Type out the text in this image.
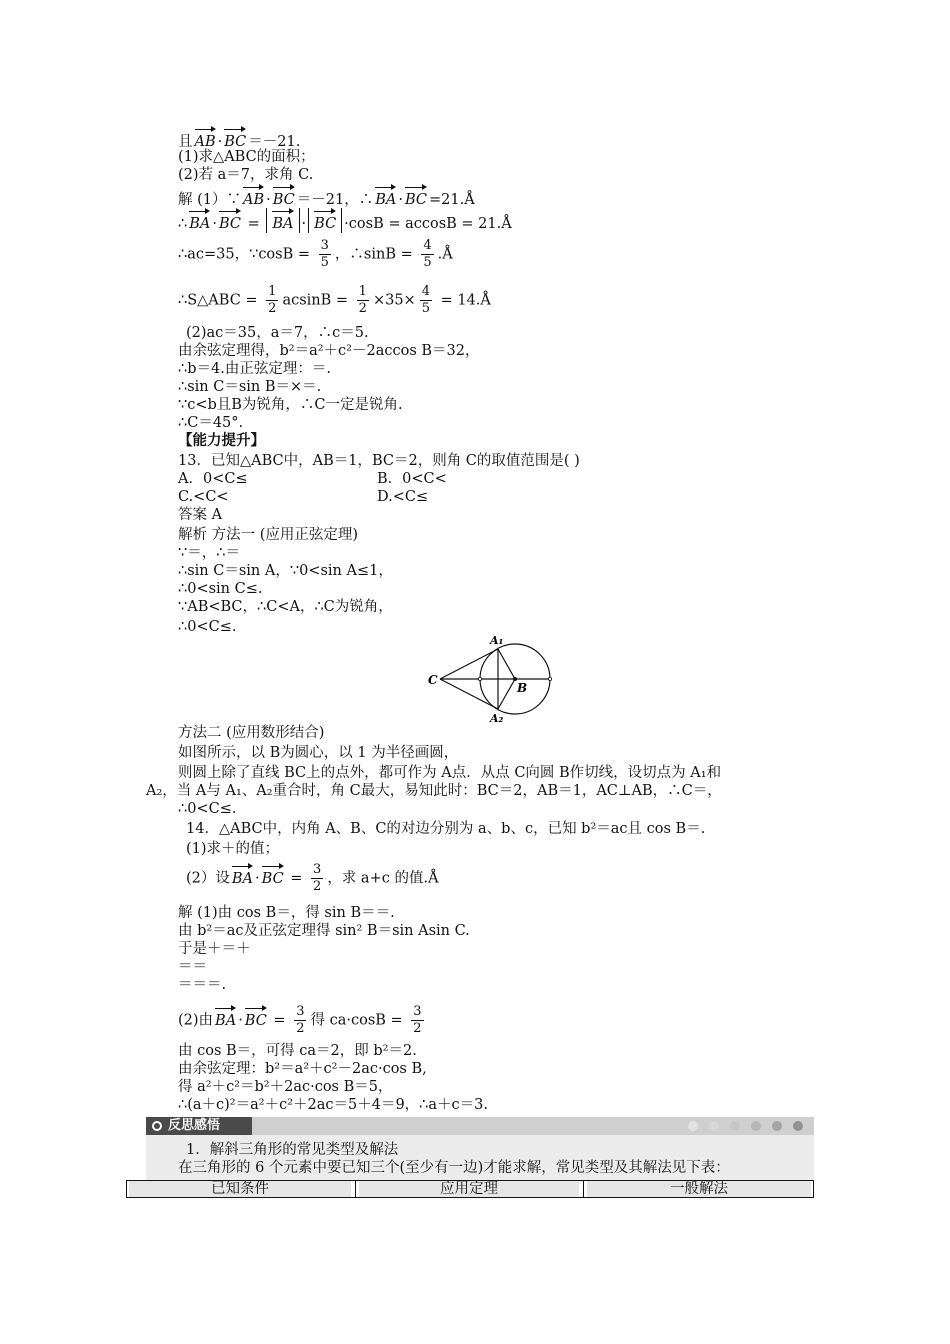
且 AB · BC ＝－21.
(1)求△ABC的面积；
(2)若 a＝7，求角 C.
解 (1）∵ AB · BC ＝－21，∴ BA · BC =21.Å
∴ BA · BC = BA · BC ·cosB = accosB = 21.Å
∴ac=35，∵cosB = $\frac{3}{5}$ ，∴sinB = $\frac{4}{5}$ .Å
∴S△ABC = $\frac{1}{2}$ $acsinB = \frac{1}{2} \times 35\times \frac{4}{5}$ = 14.Å
(2)ac＝35，a＝7，∴c＝5.
由余弦定理得，b²＝a²＋c²－2accos B＝32，
∴b＝4.由正弦定理：＝.
∴sin C＝sin B＝×＝.
∵c<b且B为锐角，∴C一定是锐角.
∴C＝45°.
【能力提升】
13．已知△ABC中，AB＝1，BC＝2，则角 C的取值范围是( )
A．0<C≤	B．0<C<
C.<C<	D.<C≤
答案 A
解析 方法一 (应用正弦定理)
∵＝，∴＝
∴sin C＝sin A，∵0<sin A≤1，
∴0<sin C≤.
∵AB<BC，∴C<A，∴C为锐角，
∴0<C≤.
C
B
A₁
A₂
方法二 (应用数形结合)
如图所示，以 B为圆心，以 1 为半径画圆，
则圆上除了直线 BC上的点外，都可作为 A点．从点 C向圆 B作切线，设切点为 A₁和
A₂，当 A与 A₁、A₂重合时，角 C最大，易知此时：BC＝2，AB＝1，AC⊥AB，∴C＝，
∴0<C≤.
14．△ABC中，内角 A、B、C的对边分别为 a、b、c，已知 b²＝ac且 cos B＝.
(1)求＋的值；
(2）设 BA · BC = $\frac{3}{2}$ ，求 a+c 的值.Å
解 (1)由 cos B＝，得 sin B＝＝.
由 b²＝ac及正弦定理得 sin² B＝sin Asin C.
于是＋＝＋
＝＝
＝＝＝.
(2)由 BA · BC = $\frac{3}{2}$ 得 $ca\cdot\cos B = \frac{3}{2}$
由 cos B＝，可得 ca＝2，即 b²＝2.
由余弦定理：b²＝a²＋c²－2ac·cos B,
得 a²＋c²＝b²＋2ac·cos B＝5，
∴(a＋c)²＝a²＋c²＋2ac＝5＋4＝9，∴a＋c＝3.
反思感悟
1．解斜三角形的常见类型及解法
在三角形的 6 个元素中要已知三个(至少有一边)才能求解，常见类型及其解法见下表：
已知条件	应用定理	一般解法
